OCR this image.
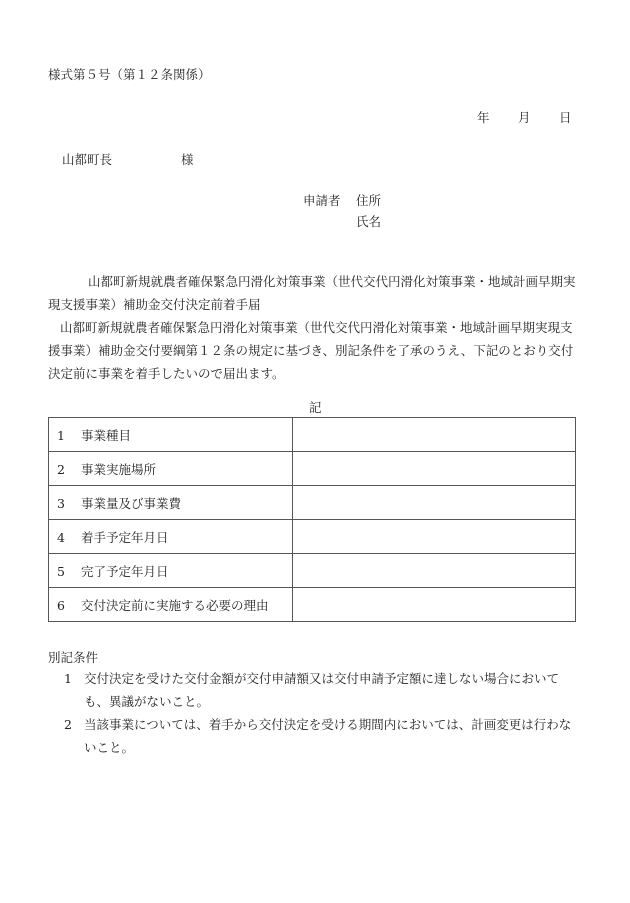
様式第５号（第１２条関係）
年 月 日
山都町長	様
申請者 住所
氏名
山都町新規就農者確保緊急円滑化対策事業（世代交代円滑化対策事業・地域計画早期実現支援事業）補助金交付決定前着手届
山都町新規就農者確保緊急円滑化対策事業（世代交代円滑化対策事業・地域計画早期実現支援事業）補助金交付要綱第１２条の規定に基づき、別記条件を了承のうえ、下記のとおり交付決定前に事業を着手したいので届出ます。
記
1 事業種目	
2 事業実施場所	
3 事業量及び事業費	
4 着手予定年月日	
5 完了予定年月日	
6 交付決定前に実施する必要の理由	
別記条件
1 交付決定を受けた交付金額が交付申請額又は交付申請予定額に達しない場合においても、異議がないこと。
2 当該事業については、着手から交付決定を受ける期間内においては、計画変更は行わないこと。
